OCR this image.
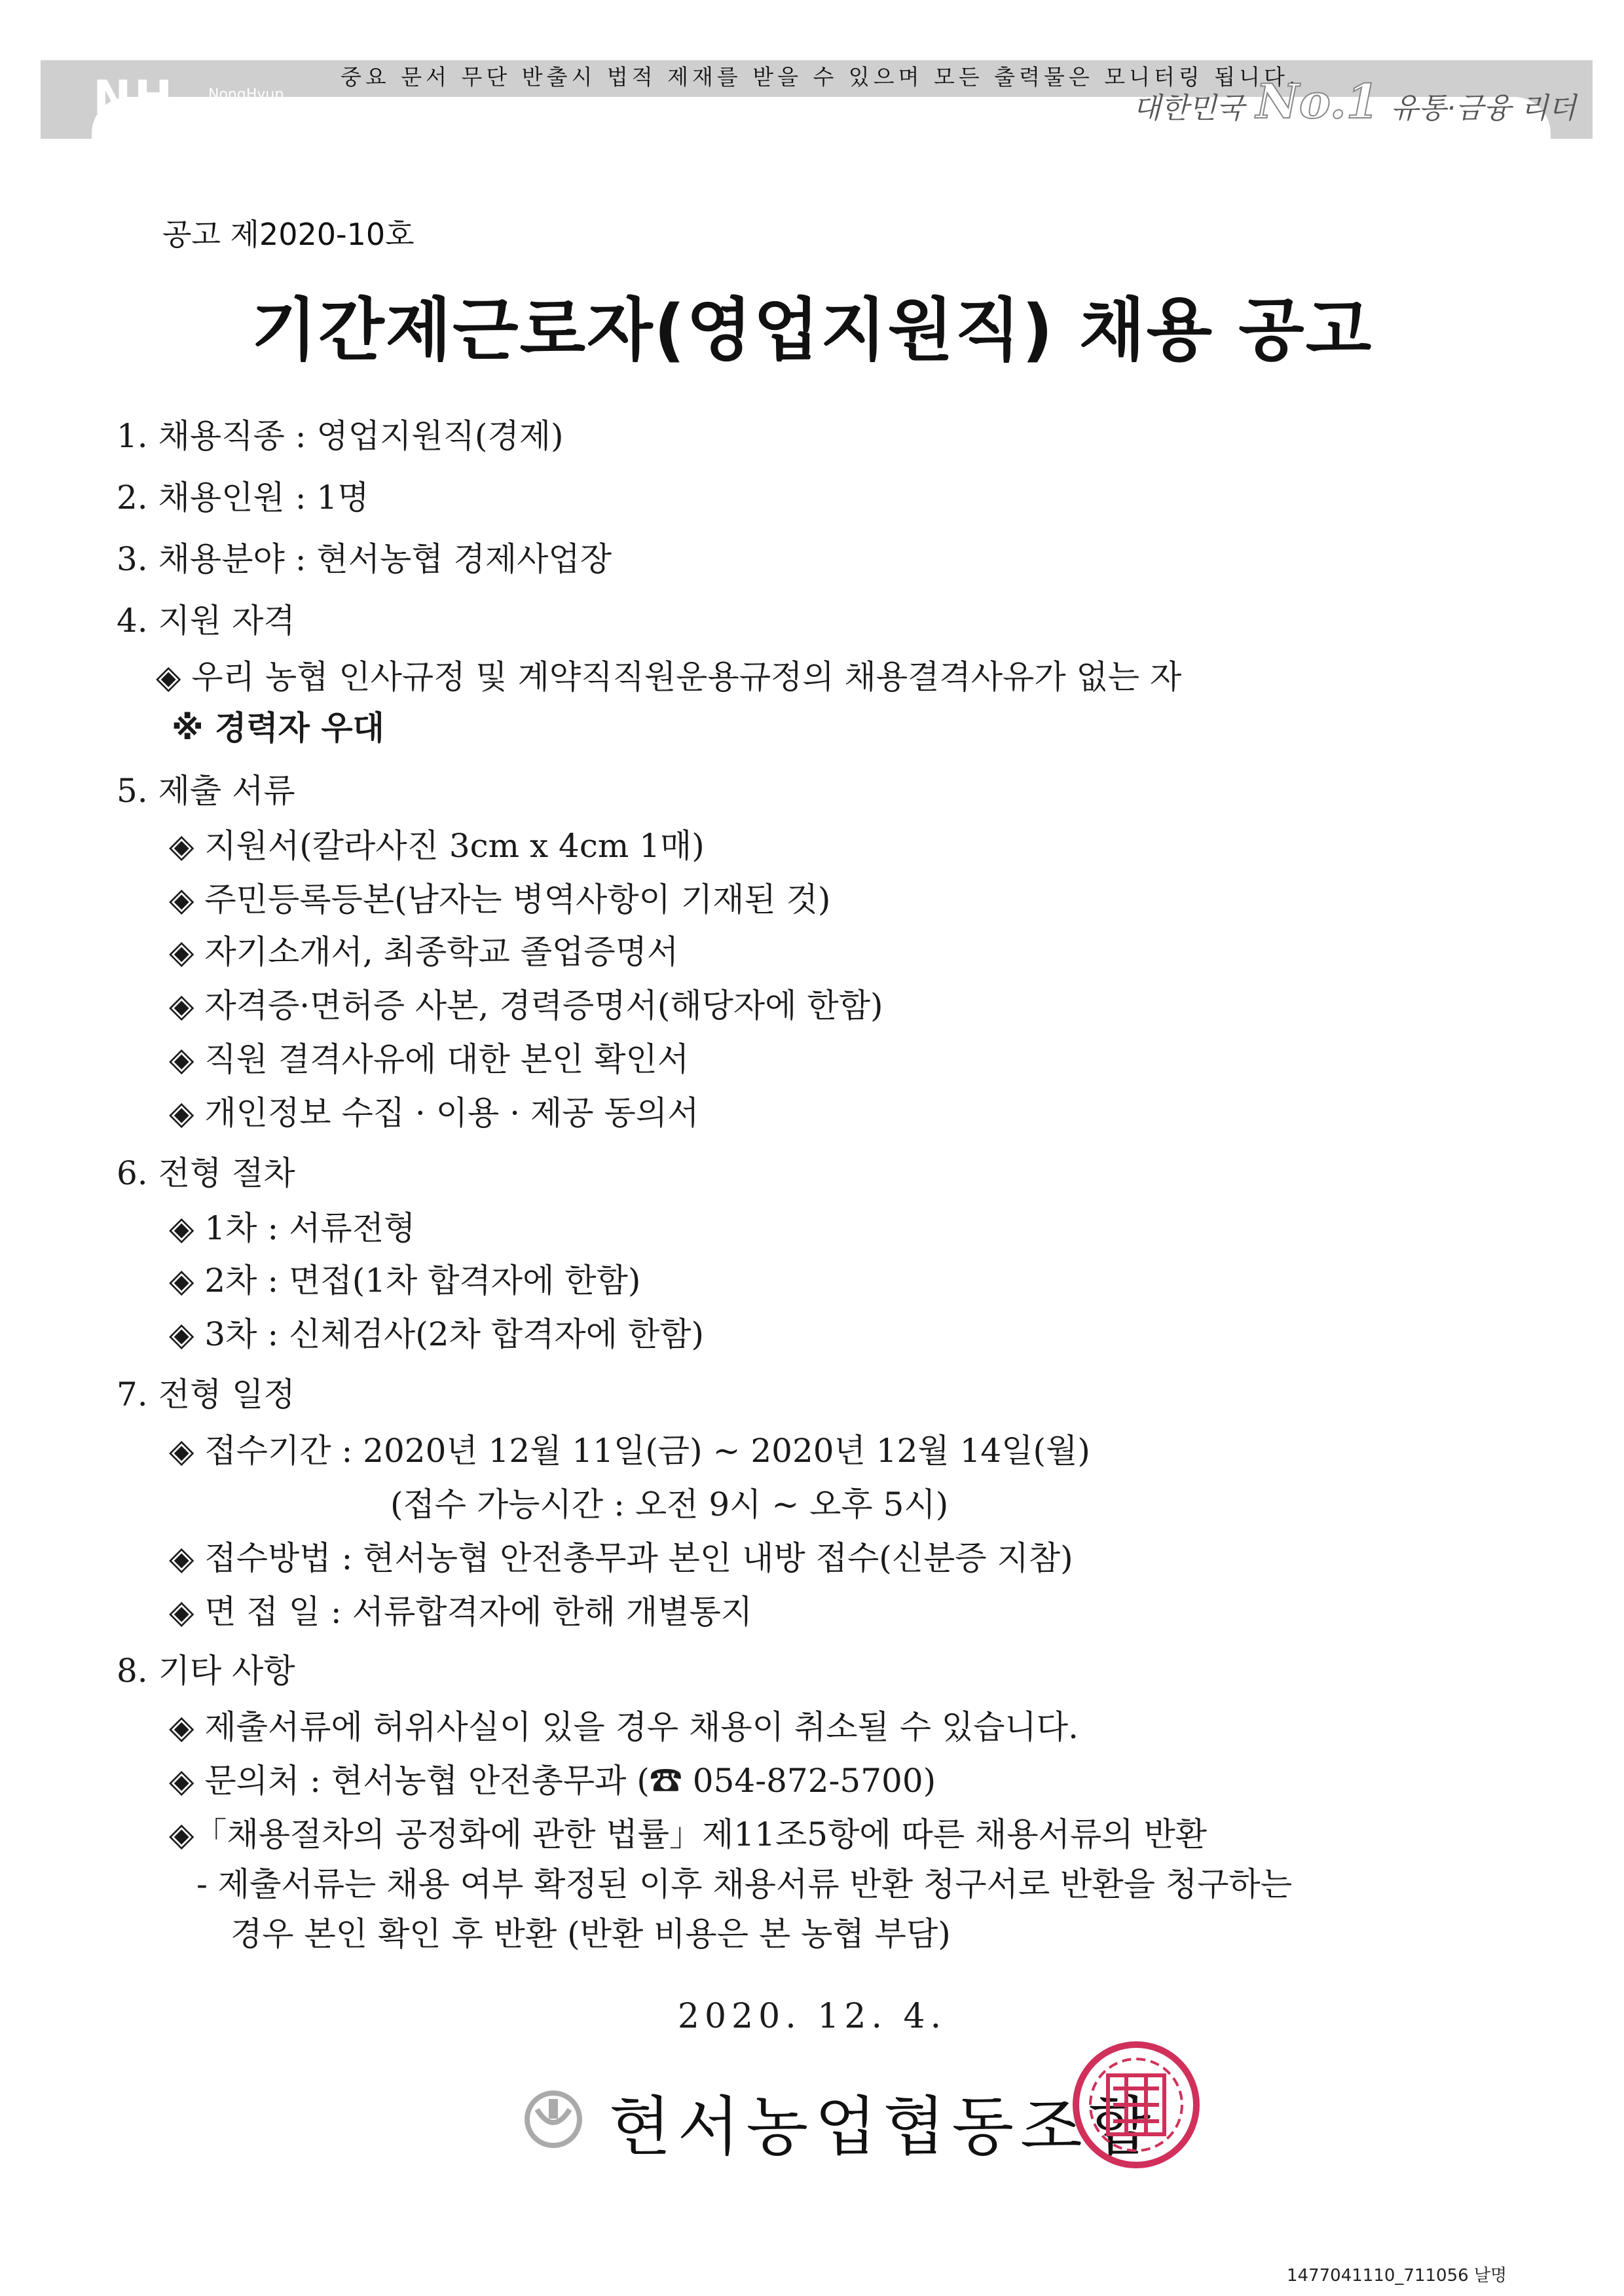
NH NongHyup
중요 문서 무단 반출시 법적 제재를 받을 수 있으며 모든 출력물은 모니터링 됩니다.
대한민국 No.1 유통·금융 리더
공고 제2020-10호
기간제근로자(영업지원직) 채용 공고
1. 채용직종 : 영업지원직(경제)
2. 채용인원 : 1명
3. 채용분야 : 현서농협 경제사업장
4. 지원 자격
◈ 우리 농협 인사규정 및 계약직직원운용규정의 채용결격사유가 없는 자
※ 경력자 우대
5. 제출 서류
◈ 지원서(칼라사진 3cm x 4cm 1매)
◈ 주민등록등본(남자는 병역사항이 기재된 것)
◈ 자기소개서, 최종학교 졸업증명서
◈ 자격증·면허증 사본, 경력증명서(해당자에 한함)
◈ 직원 결격사유에 대한 본인 확인서
◈ 개인정보 수집 · 이용 · 제공 동의서
6. 전형 절차
◈ 1차 : 서류전형
◈ 2차 : 면접(1차 합격자에 한함)
◈ 3차 : 신체검사(2차 합격자에 한함)
7. 전형 일정
◈ 접수기간 : 2020년 12월 11일(금) ~ 2020년 12월 14일(월)
(접수 가능시간 : 오전 9시 ~ 오후 5시)
◈ 접수방법 : 현서농협 안전총무과 본인 내방 접수(신분증 지참)
◈ 면 접 일 : 서류합격자에 한해 개별통지
8. 기타 사항
◈ 제출서류에 허위사실이 있을 경우 채용이 취소될 수 있습니다.
◈ 문의처 : 현서농협 안전총무과 (☎ 054-872-5700)
◈「채용절차의 공정화에 관한 법률」제11조5항에 따른 채용서류의 반환
- 제출서류는 채용 여부 확정된 이후 채용서류 반환 청구서로 반환을 청구하는
경우 본인 확인 후 반환 (반환 비용은 본 농협 부담)
2020. 12. 4.
현서농업협동조합
1477041110_711056 날명
